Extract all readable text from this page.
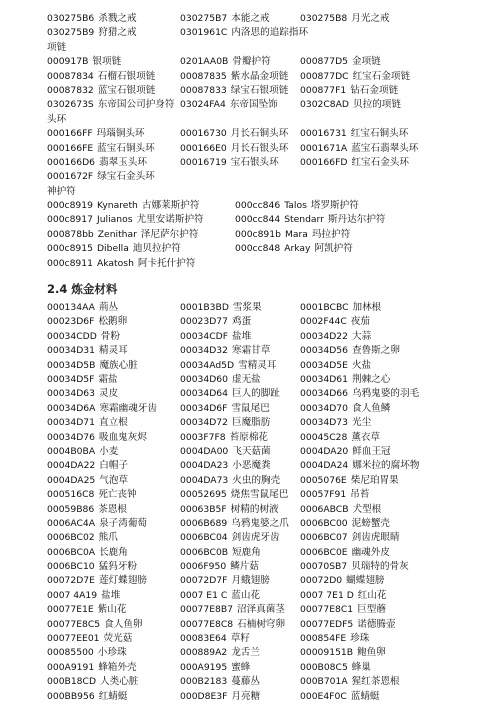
030275B6 杀戮之戒	030275B7 本能之戒	030275B8 月光之戒
030275B9 狩猎之戒	0301961C 内洛思的追踪指环
项链
000917B 银项链	0201AA0B 骨瓣护符	000877D5 金项链
00087834 石榴石银项链	00087835 紫水晶金项链 000877DC 红宝石金项链
00087832 蓝宝石银项链	00087833 绿宝石银项链 000877F1 钻石金项链
0302673S 东帝国公司护身符 03024FA4 东帝国坠饰 0302C8AD 贝拉的项链
头环
000166FF 玛瑙铜头环	00016730 月长石铜头环 00016731 红宝石铜头环
000166FE 蓝宝石铜头环	000166E0 月长石银头环 0001671A 蓝宝石翡翠头环
000166D6 翡翠玉头环	00016719 宝石银头环 000166FD 红宝石金头环
0001672F 绿宝石金头环
神护符
000c8919 Kynareth 古娜莱斯护符	000cc846 Talos 塔罗斯护符
000c8917 Julianos 尤里安诺斯护符	000cc844 Stendarr 斯丹达尔护符
000878bb Zenithar 泽尼萨尔护符	000c891b Mara 玛拉护符
000c8915 Dibella 迪贝拉护符	000cc848 Arkay 阿凯护符
000c8911 Akatosh 阿卡托什护符
2.4 炼金材料
000134AA 荊丛	0001B3BD 雪浆果	0001BCBC 加林根
00023D6F 松鹅卵	00023D77 鸡蛋	0002F44C 夜茄
00034CDD 骨粉	00034CDF 盐堆	00034D22 大蒜
00034D31 精灵耳	00034D32 寒霜甘草	00034D56 查鲁斯之卵
00034D5B 魔族心脏	00034Ad5D 雪精灵耳	00034D5E 火盐
00034D5F 霜盐	00034D60 虚无盐	00034D61 荆棘之心
00034D63 灵皮	00034D64 巨人的脚趾 00034D66 乌鸦鬼婆的羽毛
00034D6A 寒霜幽魂牙齿	00034D6F 雪鼠尾巴	00034D70 食人鱼鳞
00034D71 直立根	00034D72 巨魔脂肪	00034D73 光尘
00034D76 吸血鬼灰烬	0003F7F8 苔原棉花	00045C28 薰衣草
0004B0BA 小麦	0004DA00 飞天菇菌	0004DA20 鲜血王冠
0004DA22 白帽子	0004DA23 小恶魔粪	0004DA24 娜米拉的腐坏物
0004DA25 气泡草	0004DA73 火虫的胸壳 0005076E 柴尼珀胃果
000516C8 死亡丧钟	00052695 烧焦雪鼠尾巴 00057F91 吊苔
00059B86 茶恩根	00063B5F 树精的树液 0006ABCB 犬型根
0006AC4A 泉子湾葡萄	0006B689 乌鸦鬼婆之爪 0006BC00 泥螃蟹壳
0006BC02 熊爪	0006BC04 剑齿虎牙齿 0006BC07 剑齿虎眼睛
0006BC0A 长鹿角	0006BC0B 短鹿角	0006BC0E 幽魂外皮
0006BC10 猛犸牙粉	0006F950 鳞片菇	00070SB7 贝瑞特的骨灰
00072D7E 莲灯蝶翅膀	00072D7F 月蛾翅膀	00072D0 蝴蝶翅膀
0007 4A19 盐堆	0007 E1 C 蓝山花	0007 7E1 D 红山花
00077E1E 紫山花	00077E8B7 沼泽真菌茎 00077E8C1 巨型蘑
00077E8C5 食人鱼卵	00077E8C8 石楠树穹卵 00077EDF5 诺德腾壶
00077EE01 荧光菇	00083E64 草籽	000854FE 珍珠
00085500 小珍珠	000889A2 龙舌兰	00009151B 鲍鱼卵
000A9191 蜂箱外壳	000A9195 蜜蜂	000B08C5 蜂巢
000B18CD 人类心脏	000B2183 蔓藤丛	000B701A 猩红茶恩根
000BB956 红蜻蜓	000D8E3F 月亮糖	000E4F0C 蓝蜻蜓
